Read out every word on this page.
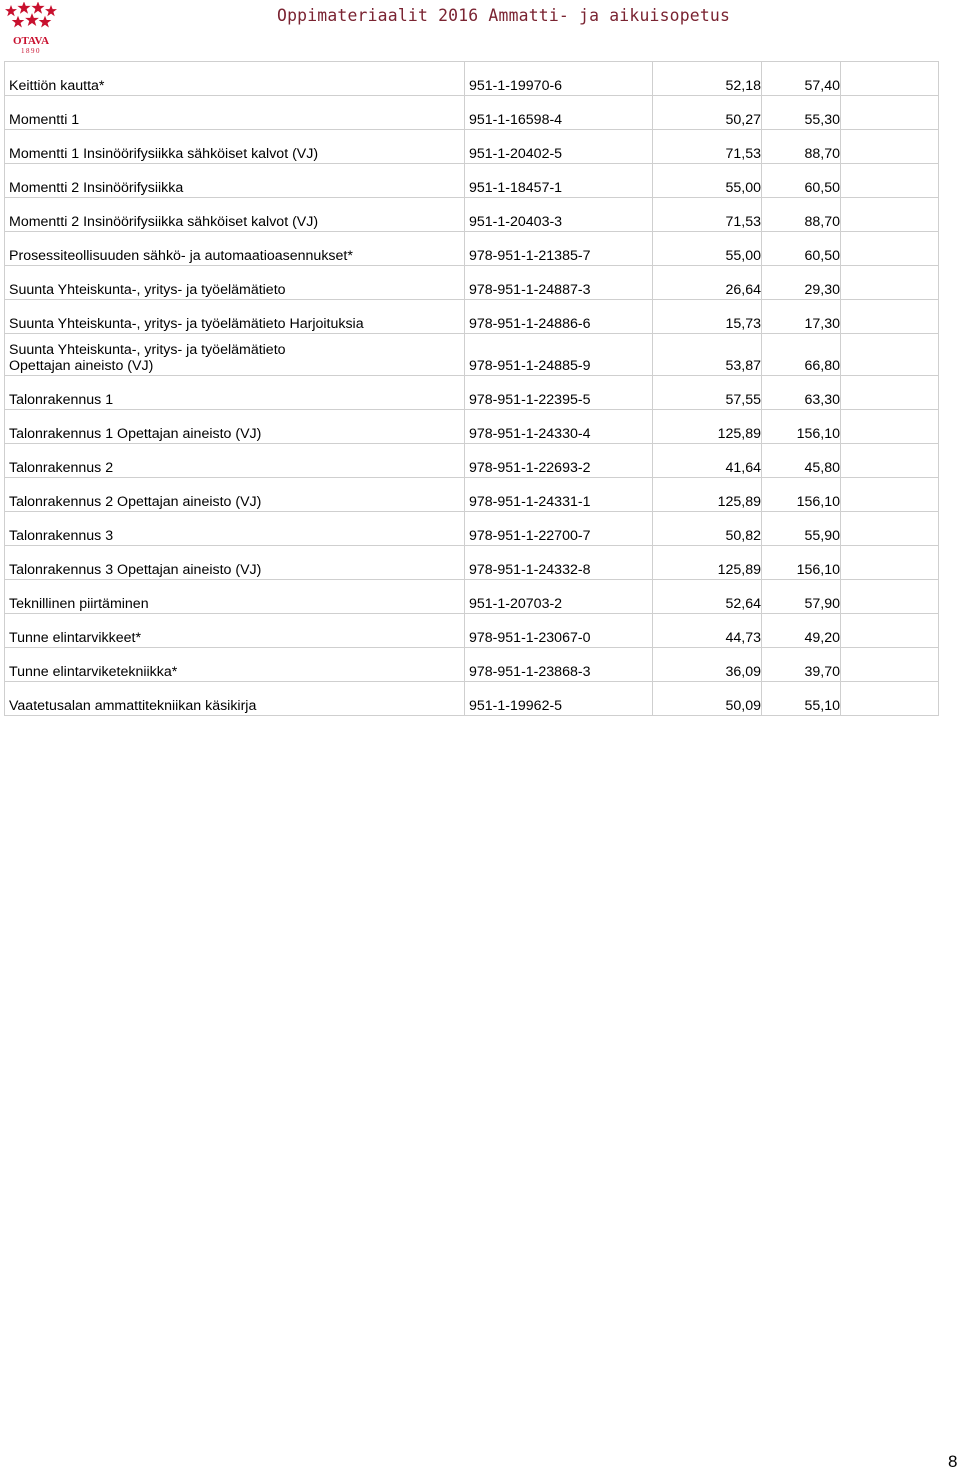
OTAVA
1890
Oppimateriaalit 2016 Ammatti- ja aikuisopetus
Keittiön kautta*	951-1-19970-6	52,18	57,40	

Momentti 1	951-1-16598-4	50,27	55,30	

Momentti 1 Insinöörifysiikka sähköiset kalvot (VJ)	951-1-20402-5	71,53	88,70	

Momentti 2 Insinöörifysiikka	951-1-18457-1	55,00	60,50	

Momentti 2 Insinöörifysiikka sähköiset kalvot (VJ)	951-1-20403-3	71,53	88,70	

Prosessiteollisuuden sähkö- ja automaatioasennukset*	978-951-1-21385-7	55,00	60,50	

Suunta Yhteiskunta-, yritys- ja työelämätieto	978-951-1-24887-3	26,64	29,30	

Suunta Yhteiskunta-, yritys- ja työelämätieto Harjoituksia	978-951-1-24886-6	15,73	17,30	

Suunta Yhteiskunta-, yritys- ja työelämätieto
Opettajan aineisto (VJ)	978-951-1-24885-9	53,87	66,80	

Talonrakennus 1	978-951-1-22395-5	57,55	63,30	

Talonrakennus 1 Opettajan aineisto (VJ)	978-951-1-24330-4	125,89	156,10	

Talonrakennus 2	978-951-1-22693-2	41,64	45,80	

Talonrakennus 2 Opettajan aineisto (VJ)	978-951-1-24331-1	125,89	156,10	

Talonrakennus 3	978-951-1-22700-7	50,82	55,90	

Talonrakennus 3 Opettajan aineisto (VJ)	978-951-1-24332-8	125,89	156,10	

Teknillinen piirtäminen	951-1-20703-2	52,64	57,90	

Tunne elintarvikkeet*	978-951-1-23067-0	44,73	49,20	

Tunne elintarviketekniikka*	978-951-1-23868-3	36,09	39,70	

Vaatetusalan ammattitekniikan käsikirja	951-1-19962-5	50,09	55,10	
8
